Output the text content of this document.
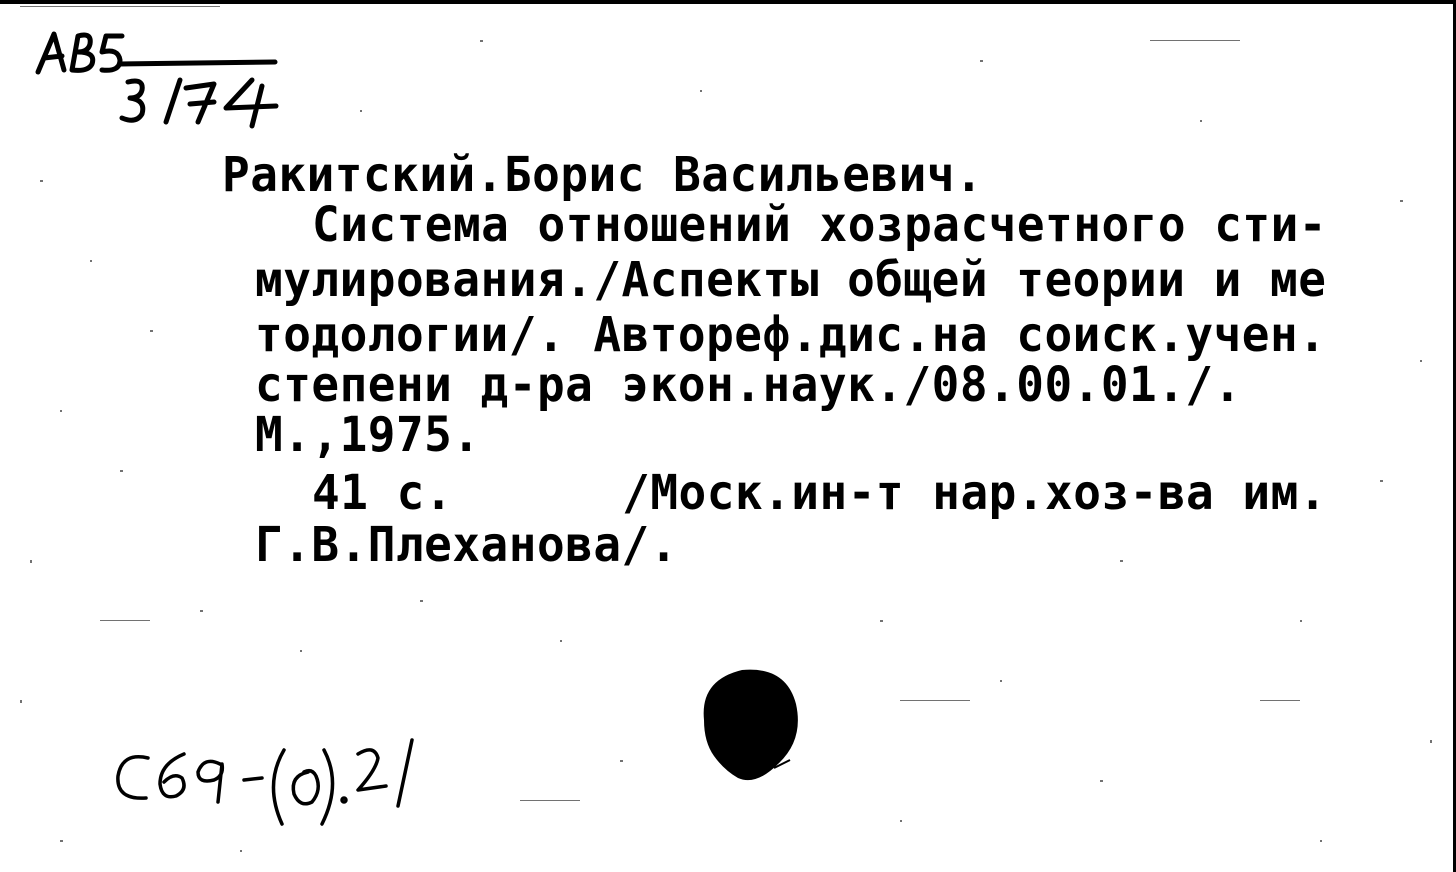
Ракитский.Борис Васильевич.

Система отношений хозрасчетного сти-

мулирования./Аспекты общей теории и ме

тодологии/. Автореф.дис.на соиск.учен.

степени д-ра экон.наук./08.00.01./.

М.,1975.

41 с.      /Моск.ин-т нар.хоз-ва им.

Г.В.Плеханова/.
